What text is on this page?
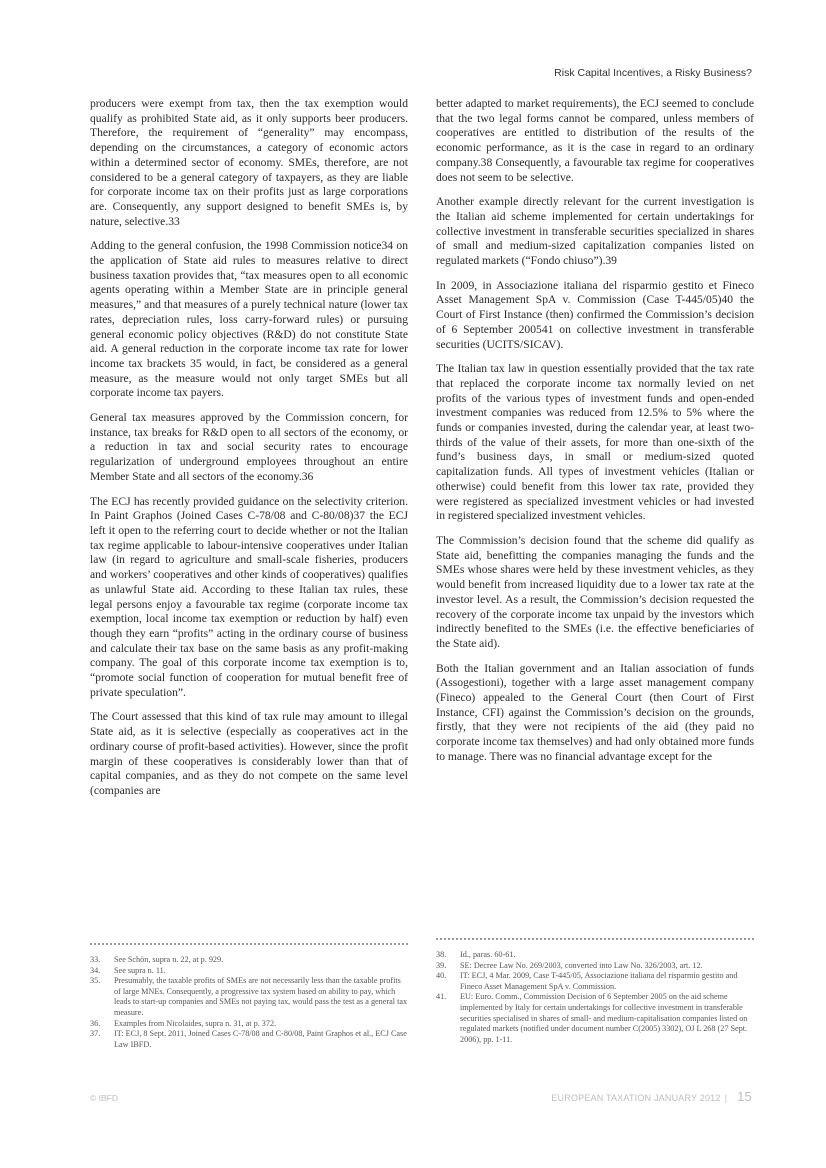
Risk Capital Incentives, a Risky Business?

producers were exempt from tax, then the tax exemption would qualify as prohibited State aid, as it only supports beer producers. Therefore, the requirement of “generality” may encompass, depending on the circumstances, a category of economic actors within a determined sector of economy. SMEs, therefore, are not considered to be a general category of taxpayers, as they are liable for corporate income tax on their profits just as large corporations are. Consequently, any support designed to benefit SMEs is, by nature, selective.33

Adding to the general confusion, the 1998 Commission notice34 on the application of State aid rules to measures relative to direct business taxation provides that, “tax measures open to all economic agents operating within a Member State are in principle general measures,” and that measures of a purely technical nature (lower tax rates, depreciation rules, loss carry-forward rules) or pursuing general economic policy objectives (R&D) do not constitute State aid. A general reduction in the corporate income tax rate for lower income tax brackets 35 would, in fact, be considered as a general measure, as the measure would not only target SMEs but all corporate income tax payers.

General tax measures approved by the Commission concern, for instance, tax breaks for R&D open to all sectors of the economy, or a reduction in tax and social security rates to encourage regularization of underground employees throughout an entire Member State and all sectors of the economy.36

The ECJ has recently provided guidance on the selectivity criterion. In Paint Graphos (Joined Cases C-78/08 and C-80/08)37 the ECJ left it open to the referring court to decide whether or not the Italian tax regime applicable to labour-intensive cooperatives under Italian law (in regard to agriculture and small-scale fisheries, producers and workers’ cooperatives and other kinds of cooperatives) qualifies as unlawful State aid. According to these Italian tax rules, these legal persons enjoy a favourable tax regime (corporate income tax exemption, local income tax exemption or reduction by half) even though they earn “profits” acting in the ordinary course of business and calculate their tax base on the same basis as any profit-making company. The goal of this corporate income tax exemption is to, “promote social function of cooperation for mutual benefit free of private speculation”.

The Court assessed that this kind of tax rule may amount to illegal State aid, as it is selective (especially as cooperatives act in the ordinary course of profit-based activities). However, since the profit margin of these cooperatives is considerably lower than that of capital companies, and as they do not compete on the same level (companies are

better adapted to market requirements), the ECJ seemed to conclude that the two legal forms cannot be compared, unless members of cooperatives are entitled to distribution of the results of the economic performance, as it is the case in regard to an ordinary company.38 Consequently, a favourable tax regime for cooperatives does not seem to be selective.

Another example directly relevant for the current investigation is the Italian aid scheme implemented for certain undertakings for collective investment in transferable securities specialized in shares of small and medium-sized capitalization companies listed on regulated markets (“Fondo chiuso”).39

In 2009, in Associazione italiana del risparmio gestito et Fineco Asset Management SpA v. Commission (Case T-445/05)40 the Court of First Instance (then) confirmed the Commission’s decision of 6 September 200541 on collective investment in transferable securities (UCITS/SICAV).

The Italian tax law in question essentially provided that the tax rate that replaced the corporate income tax normally levied on net profits of the various types of investment funds and open-ended investment companies was reduced from 12.5% to 5% where the funds or companies invested, during the calendar year, at least two-thirds of the value of their assets, for more than one-sixth of the fund’s business days, in small or medium-sized quoted capitalization funds. All types of investment vehicles (Italian or otherwise) could benefit from this lower tax rate, provided they were registered as specialized investment vehicles or had invested in registered specialized investment vehicles.

The Commission’s decision found that the scheme did qualify as State aid, benefitting the companies managing the funds and the SMEs whose shares were held by these investment vehicles, as they would benefit from increased liquidity due to a lower tax rate at the investor level. As a result, the Commission’s decision requested the recovery of the corporate income tax unpaid by the investors which indirectly benefited to the SMEs (i.e. the effective beneficiaries of the State aid).

Both the Italian government and an Italian association of funds (Assogestioni), together with a large asset management company (Fineco) appealed to the General Court (then Court of First Instance, CFI) against the Commission’s decision on the grounds, firstly, that they were not recipients of the aid (they paid no corporate income tax themselves) and had only obtained more funds to manage. There was no financial advantage except for the

33.	See Schön, supra n. 22, at p. 929.
34.	See supra n. 11.
35.	Presumably, the taxable profits of SMEs are not necessarily less than the taxable profits of large MNEs. Consequently, a progressive tax system based on ability to pay, which leads to start-up companies and SMEs not paying tax, would pass the test as a general tax measure.
36.	Examples from Nicolaides, supra n. 31, at p. 372.
37.	IT: ECJ, 8 Sept. 2011, Joined Cases C-78/08 and C-80/08, Paint Graphos et al., ECJ Case Law IBFD.
38.	Id., paras. 60-61.
39.	SE: Decree Law No. 269/2003, converted into Law No. 326/2003, art. 12.
40.	IT: ECJ, 4 Mar. 2009, Case T-445/05, Associazione italiana del risparmio gestito and Fineco Asset Management SpA v. Commission.
41.	EU: Euro. Comm., Commission Decision of 6 September 2005 on the aid scheme implemented by Italy for certain undertakings for collective investment in transferable securities specialised in shares of small- and medium-capitalisation companies listed on regulated markets (notified under document number C(2005) 3302), OJ L 268 (27 Sept. 2006), pp. 1-11.
© IBFD	EUROPEAN TAXATION JANUARY 2012 | 15
